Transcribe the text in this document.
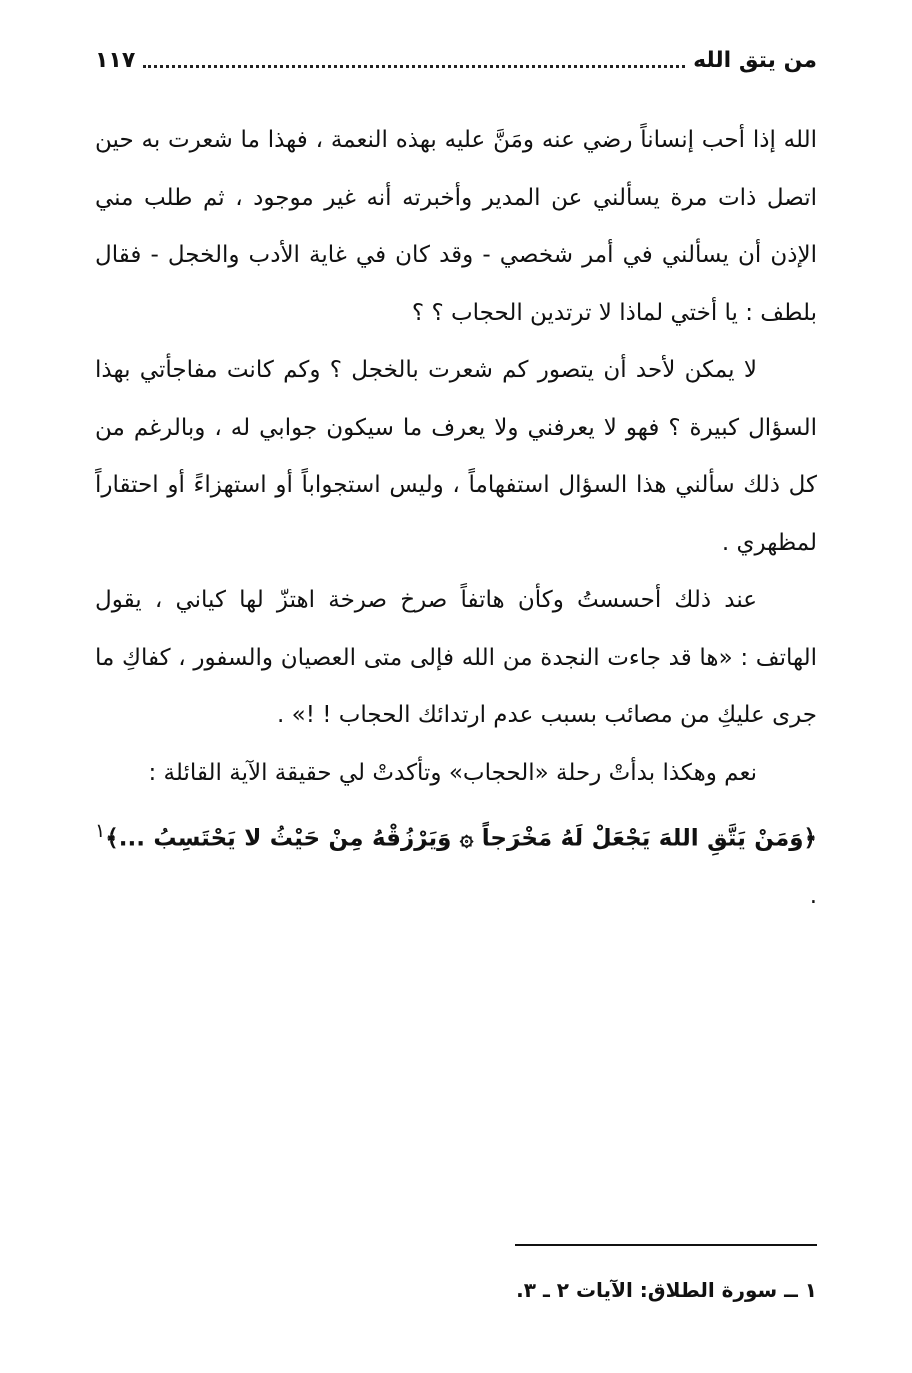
من يتق الله
١١٧

الله إذا أحب إنساناً رضي عنه ومَنَّ عليه بهذه النعمة ، فهذا ما شعرت به حين اتصل ذات مرة يسألني عن المدير وأخبرته أنه غير موجود ، ثم طلب مني الإذن أن يسألني في أمر شخصي - وقد كان في غاية الأدب والخجل - فقال بلطف : يا أختي لماذا لا ترتدين الحجاب ؟ ؟

لا يمكن لأحد أن يتصور كم شعرت بالخجل ؟ وكم كانت مفاجأتي بهذا السؤال كبيرة ؟ فهو لا يعرفني ولا يعرف ما سيكون جوابي له ، وبالرغم من كل ذلك سألني هذا السؤال استفهاماً ، وليس استجواباً أو استهزاءً أو احتقاراً لمظهري .

عند ذلك أحسستُ وكأن هاتفاً صرخ صرخة اهتزّ لها كياني ، يقول الهاتف : «ها قد جاءت النجدة من الله فإلى متى العصيان والسفور ، كفاكِ ما جرى عليكِ من مصائب بسبب عدم ارتدائك الحجاب ! !» .

نعم وهكذا بدأتْ رحلة «الحجاب» وتأكدتْ لي حقيقة الآية القائلة :

﴿وَمَنْ يَتَّقِ اللهَ يَجْعَلْ لَهُ مَخْرَجاً ۞ وَيَرْزُقْهُ مِنْ حَيْثُ لا يَحْتَسِبُ ...﴾$^١$ .

١ ــ سورة الطلاق: الآيات ٢ ـ ٣.
